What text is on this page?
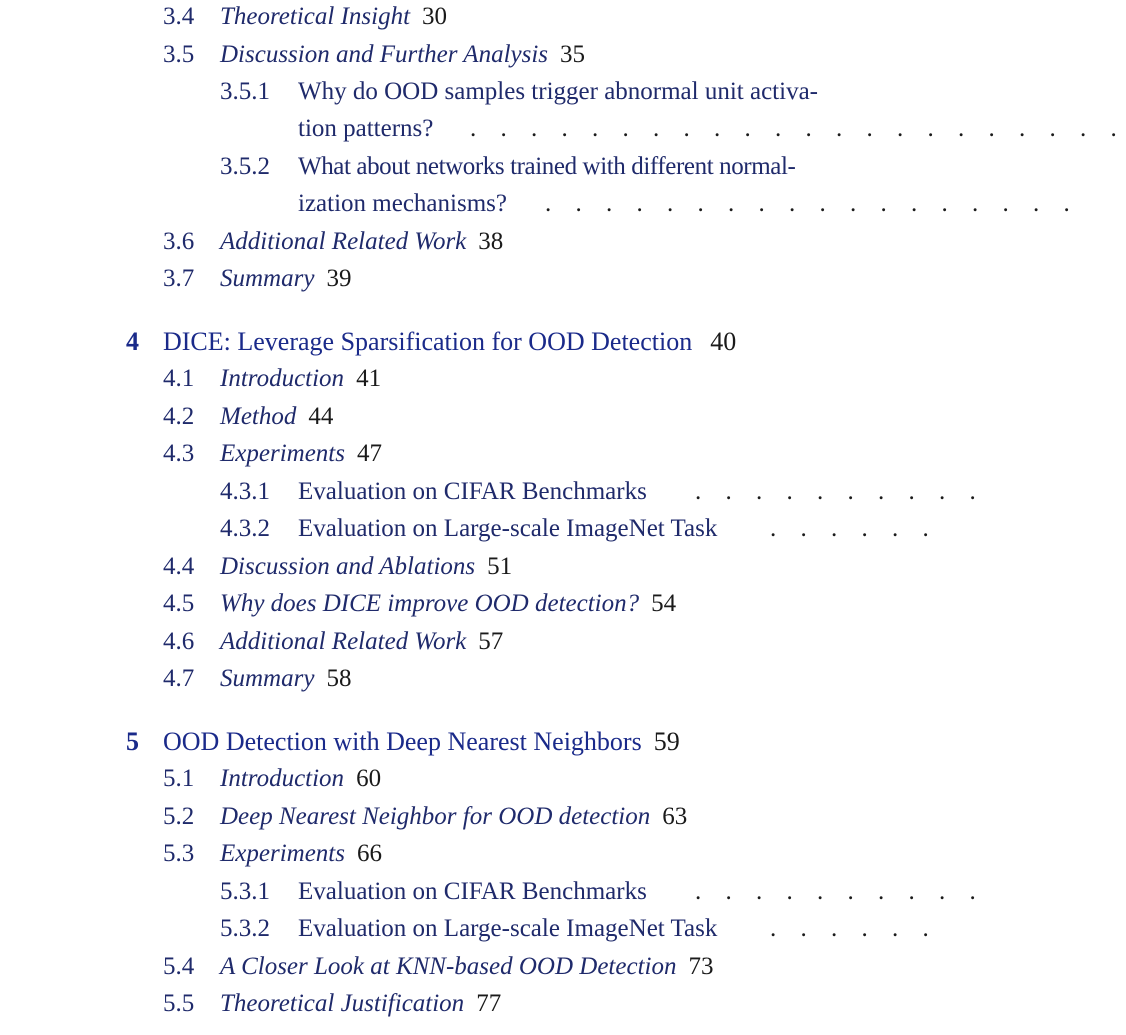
3.4 Theoretical Insight 30
3.5 Discussion and Further Analysis 35
3.5.1 Why do OOD samples trigger abnormal unit activa-
tion patterns? . . . . . . . . . . . . . . . . . . . . . .
3.5.2 What about networks trained with different normal-
ization mechanisms? . . . . . . . . . . . . . . . . . .
3.6 Additional Related Work 38
3.7 Summary 39
4 DICE: Leverage Sparsification for OOD Detection 40
4.1 Introduction 41
4.2 Method 44
4.3 Experiments 47
4.3.1 Evaluation on CIFAR Benchmarks . . . . . . . . . .
4.3.2 Evaluation on Large-scale ImageNet Task . . . . . .
4.4 Discussion and Ablations 51
4.5 Why does DICE improve OOD detection? 54
4.6 Additional Related Work 57
4.7 Summary 58
5 OOD Detection with Deep Nearest Neighbors 59
5.1 Introduction 60
5.2 Deep Nearest Neighbor for OOD detection 63
5.3 Experiments 66
5.3.1 Evaluation on CIFAR Benchmarks . . . . . . . . . .
5.3.2 Evaluation on Large-scale ImageNet Task . . . . . .
5.4 A Closer Look at KNN-based OOD Detection 73
5.5 Theoretical Justification 77
